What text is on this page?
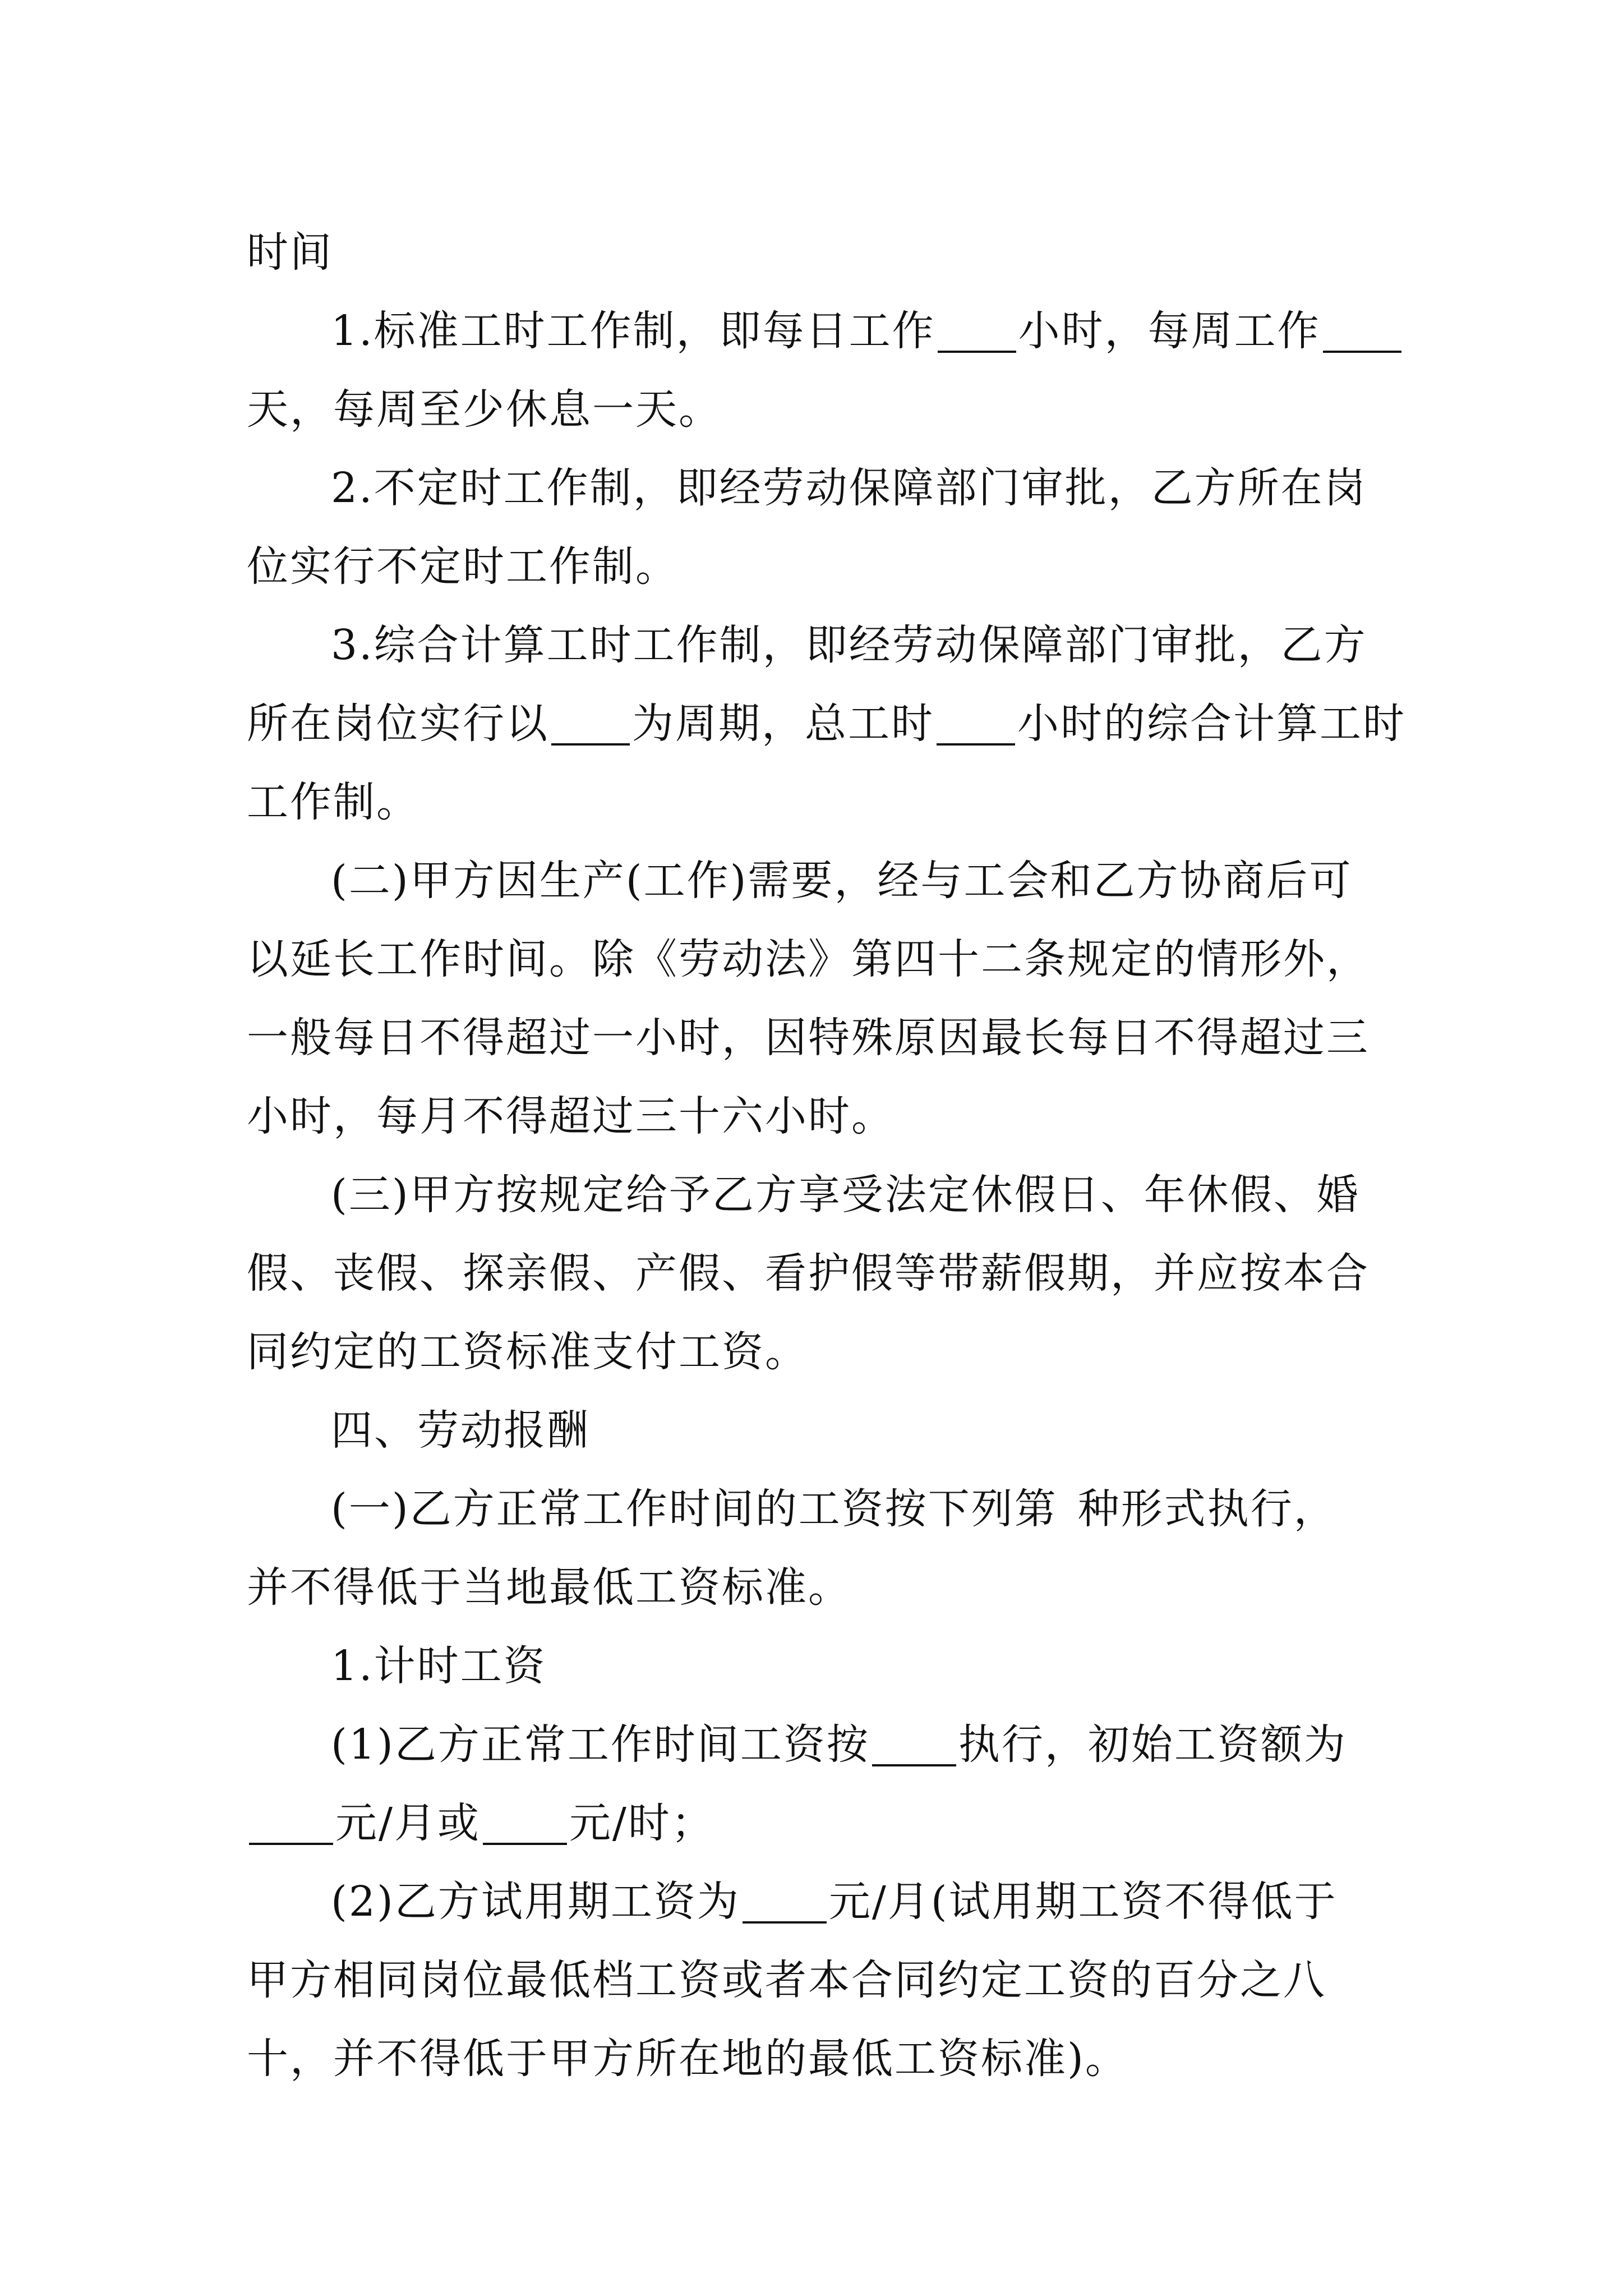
时间
1.标准工时工作制，即每日工作 小时，每周工作
天，每周至少休息一天。
2.不定时工作制，即经劳动保障部门审批，乙方所在岗
位实行不定时工作制。
3.综合计算工时工作制，即经劳动保障部门审批，乙方
所在岗位实行以 为周期，总工时 小时的综合计算工时
工作制。
(二)甲方因生产(工作)需要，经与工会和乙方协商后可
以延长工作时间。除《劳动法》第四十二条规定的情形外，
一般每日不得超过一小时，因特殊原因最长每日不得超过三
小时，每月不得超过三十六小时。
(三)甲方按规定给予乙方享受法定休假日、年休假、婚
假、丧假、探亲假、产假、看护假等带薪假期，并应按本合
同约定的工资标准支付工资。
四、劳动报酬
(一)乙方正常工作时间的工资按下列第 种形式执行，
并不得低于当地最低工资标准。
1.计时工资
(1)乙方正常工作时间工资按 执行，初始工资额为
元/月或 元/时；
(2)乙方试用期工资为 元/月(试用期工资不得低于
甲方相同岗位最低档工资或者本合同约定工资的百分之八
十，并不得低于甲方所在地的最低工资标准)。
